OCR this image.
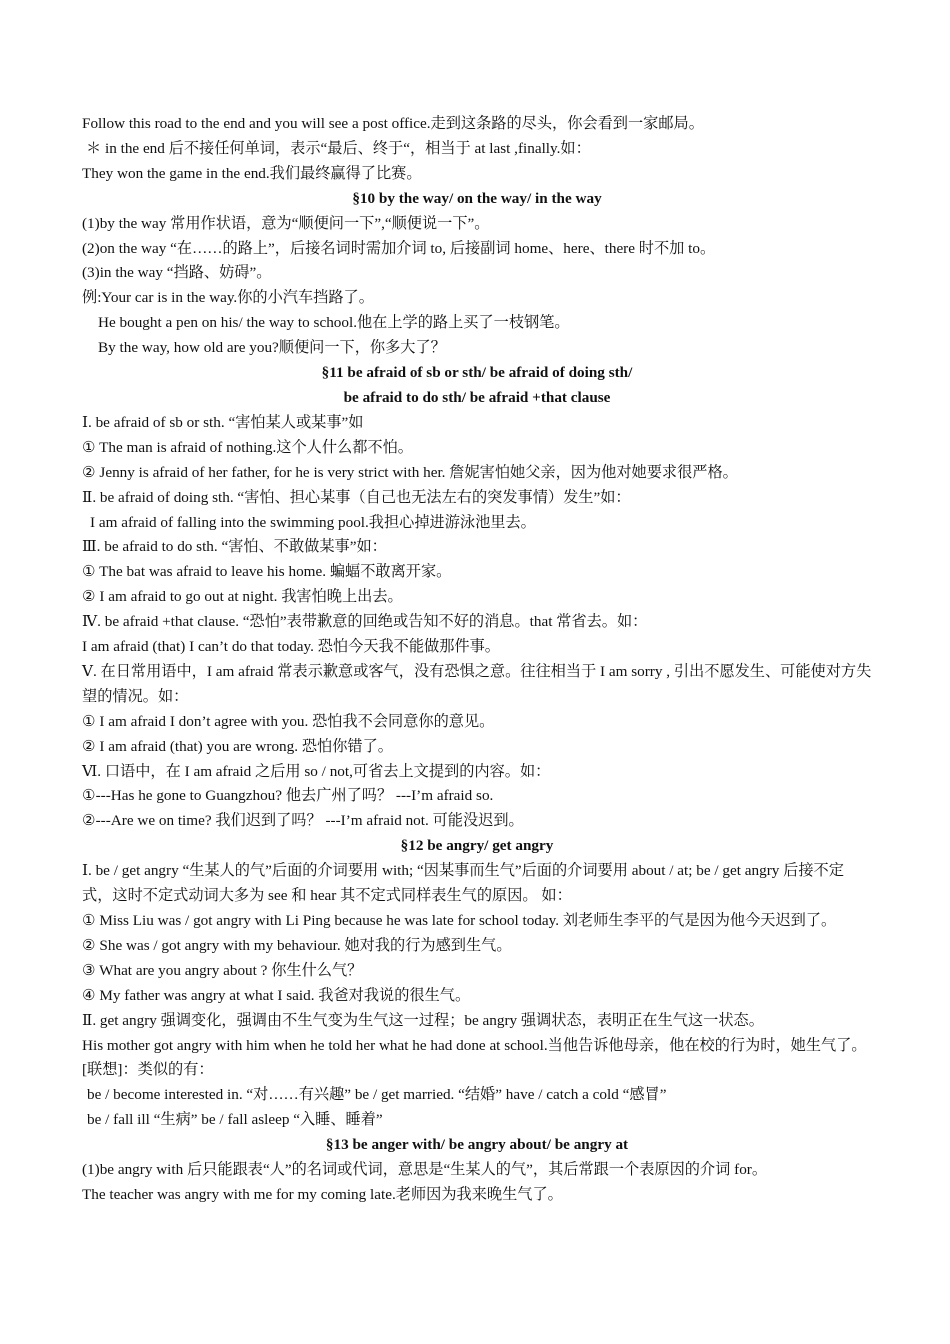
Follow this road to the end and you will see a post office.走到这条路的尽头，你会看到一家邮局。
＊ in the end 后不接任何单词，表示“最后、终于“，相当于 at last ,finally.如：
They won the game in the end.我们最终赢得了比赛。
§10 by the way/ on the way/ in the way
(1)by the way 常用作状语，意为“顺便问一下”,“顺便说一下”。
(2)on the way “在……的路上”，后接名词时需加介词 to, 后接副词 home、here、there 时不加 to。
(3)in the way “挡路、妨碍”。
例:Your car is in the way.你的小汽车挡路了。
He bought a pen on his/ the way to school.他在上学的路上买了一枝钢笔。
By the way, how old are you?顺便问一下，你多大了？
§11 be afraid of sb or sth/ be afraid of doing sth/
be afraid to do sth/ be afraid +that clause
Ⅰ. be afraid of sb or sth. “害怕某人或某事”如
① The man is afraid of nothing.这个人什么都不怕。
② Jenny is afraid of her father, for he is very strict with her. 詹妮害怕她父亲，因为他对她要求很严格。
Ⅱ. be afraid of doing sth. “害怕、担心某事（自己也无法左右的突发事情）发生”如：
I am afraid of falling into the swimming pool.我担心掉进游泳池里去。
Ⅲ. be afraid to do sth. “害怕、不敢做某事”如：
① The bat was afraid to leave his home. 蝙蝠不敢离开家。
② I am afraid to go out at night. 我害怕晚上出去。
Ⅳ. be afraid +that clause. “恐怕”表带歉意的回绝或告知不好的消息。that 常省去。如：
I am afraid (that) I can’t do that today. 恐怕今天我不能做那件事。
Ⅴ. 在日常用语中，I am afraid 常表示歉意或客气，没有恐惧之意。往往相当于 I am sorry , 引出不愿发生、可能使对方失望的情况。如：
① I am afraid I don’t agree with you. 恐怕我不会同意你的意见。
② I am afraid (that) you are wrong. 恐怕你错了。
Ⅵ. 口语中，在 I am afraid 之后用 so / not,可省去上文提到的内容。如：
①---Has he gone to Guangzhou? 他去广州了吗？ ---I’m afraid so.
②---Are we on time? 我们迟到了吗？ ---I’m afraid not. 可能没迟到。
§12 be angry/ get angry
Ⅰ. be / get angry “生某人的气”后面的介词要用 with; “因某事而生气”后面的介词要用 about / at; be / get angry 后接不定式，这时不定式动词大多为 see 和 hear 其不定式同样表生气的原因。 如：
① Miss Liu was / got angry with Li Ping because he was late for school today. 刘老师生李平的气是因为他今天迟到了。
② She was / got angry with my behaviour. 她对我的行为感到生气。
③ What are you angry about ? 你生什么气？
④ My father was angry at what I said. 我爸对我说的很生气。
Ⅱ. get angry 强调变化，强调由不生气变为生气这一过程；be angry 强调状态，表明正在生气这一状态。
His mother got angry with him when he told her what he had done at school.当他告诉他母亲，他在校的行为时，她生气了。 [联想]：类似的有：
be / become interested in. “对……有兴趣” be / get married. “结婚” have / catch a cold “感冒”
be / fall ill “生病” be / fall asleep “入睡、睡着”
§13 be anger with/ be angry about/ be angry at
(1)be angry with 后只能跟表“人”的名词或代词，意思是“生某人的气”，其后常跟一个表原因的介词 for。
The teacher was angry with me for my coming late.老师因为我来晚生气了。
